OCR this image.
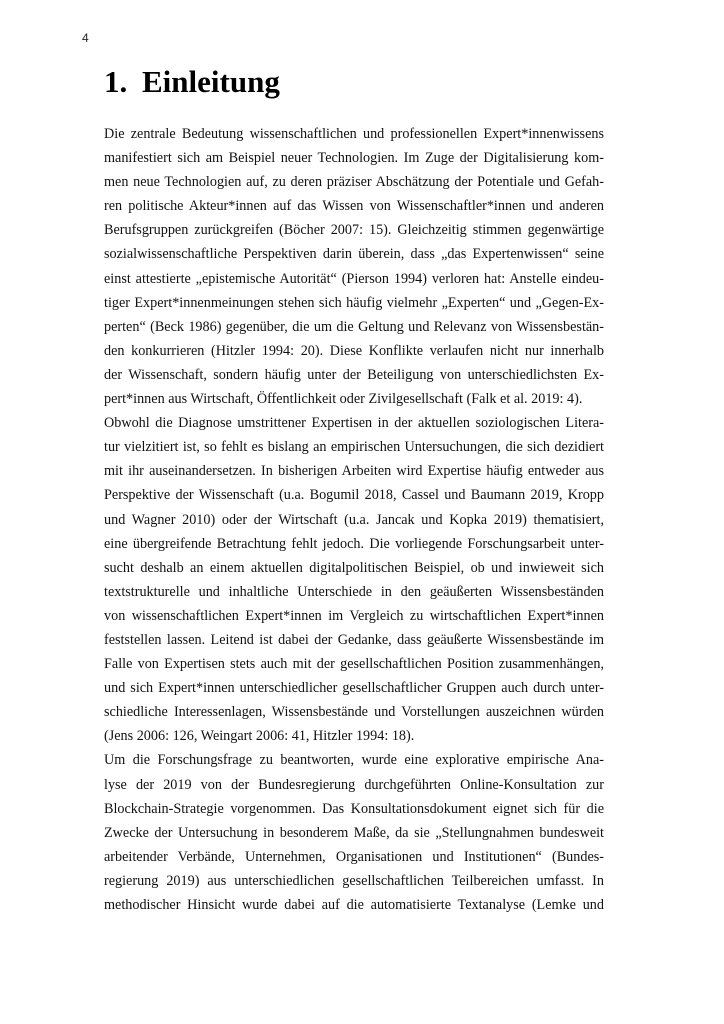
4
1. Einleitung
Die zentrale Bedeutung wissenschaftlichen und professionellen Expert*innenwissens
manifestiert sich am Beispiel neuer Technologien. Im Zuge der Digitalisierung kom-
men neue Technologien auf, zu deren präziser Abschätzung der Potentiale und Gefah-
ren politische Akteur*innen auf das Wissen von Wissenschaftler*innen und anderen
Berufsgruppen zurückgreifen (Böcher 2007: 15). Gleichzeitig stimmen gegenwärtige
sozialwissenschaftliche Perspektiven darin überein, dass „das Expertenwissen“ seine
einst attestierte „epistemische Autorität“ (Pierson 1994) verloren hat: Anstelle eindeu-
tiger Expert*innenmeinungen stehen sich häufig vielmehr „Experten“ und „Gegen-Ex-
perten“ (Beck 1986) gegenüber, die um die Geltung und Relevanz von Wissensbestän-
den konkurrieren (Hitzler 1994: 20). Diese Konflikte verlaufen nicht nur innerhalb
der Wissenschaft, sondern häufig unter der Beteiligung von unterschiedlichsten Ex-
pert*innen aus Wirtschaft, Öffentlichkeit oder Zivilgesellschaft (Falk et al. 2019: 4).
Obwohl die Diagnose umstrittener Expertisen in der aktuellen soziologischen Litera-
tur vielzitiert ist, so fehlt es bislang an empirischen Untersuchungen, die sich dezidiert
mit ihr auseinandersetzen. In bisherigen Arbeiten wird Expertise häufig entweder aus
Perspektive der Wissenschaft (u.a. Bogumil 2018, Cassel und Baumann 2019, Kropp
und Wagner 2010) oder der Wirtschaft (u.a. Jancak und Kopka 2019) thematisiert,
eine übergreifende Betrachtung fehlt jedoch. Die vorliegende Forschungsarbeit unter-
sucht deshalb an einem aktuellen digitalpolitischen Beispiel, ob und inwieweit sich
textstrukturelle und inhaltliche Unterschiede in den geäußerten Wissensbeständen
von wissenschaftlichen Expert*innen im Vergleich zu wirtschaftlichen Expert*innen
feststellen lassen. Leitend ist dabei der Gedanke, dass geäußerte Wissensbestände im
Falle von Expertisen stets auch mit der gesellschaftlichen Position zusammenhängen,
und sich Expert*innen unterschiedlicher gesellschaftlicher Gruppen auch durch unter-
schiedliche Interessenlagen, Wissensbestände und Vorstellungen auszeichnen würden
(Jens 2006: 126, Weingart 2006: 41, Hitzler 1994: 18).
Um die Forschungsfrage zu beantworten, wurde eine explorative empirische Ana-
lyse der 2019 von der Bundesregierung durchgeführten Online-Konsultation zur
Blockchain-Strategie vorgenommen. Das Konsultationsdokument eignet sich für die
Zwecke der Untersuchung in besonderem Maße, da sie „Stellungnahmen bundesweit
arbeitender Verbände, Unternehmen, Organisationen und Institutionen“ (Bundes-
regierung 2019) aus unterschiedlichen gesellschaftlichen Teilbereichen umfasst. In
methodischer Hinsicht wurde dabei auf die automatisierte Textanalyse (Lemke und
